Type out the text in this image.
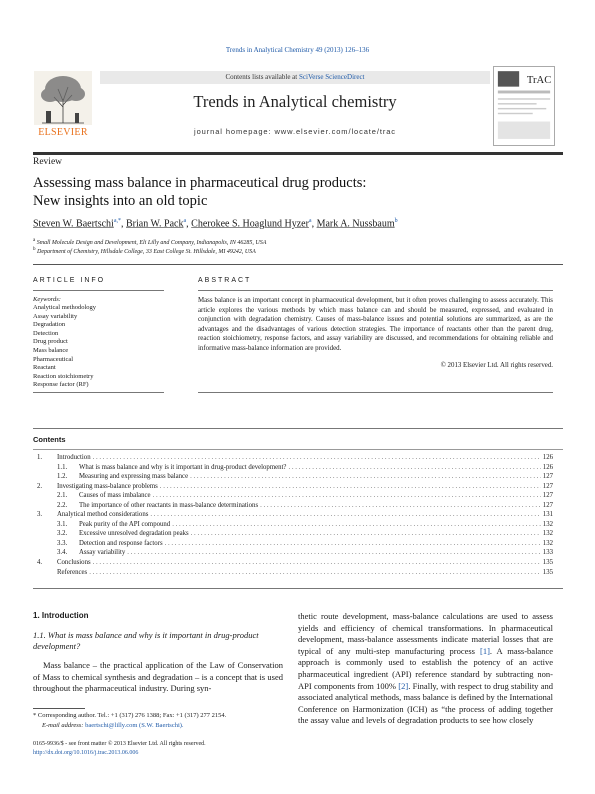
Trends in Analytical Chemistry 49 (2013) 126–136
ELSEVIER
Contents lists available at SciVerse ScienceDirect
Trends in Analytical chemistry
journal homepage: www.elsevier.com/locate/trac
TrAC
Review
Assessing mass balance in pharmaceutical drug products:
New insights into an old topic
Steven W. Baertschi$^{a,*}$, Brian W. Pack$^a$, Cherokee S. Hoaglund Hyzer$^a$, Mark A. Nussbaum$^b$
$^a$ Small Molecule Design and Development, Eli Lilly and Company, Indianapolis, IN 46285, USA
$^b$ Department of Chemistry, Hillsdale College, 33 East College St. Hillsdale, MI 49242, USA
ARTICLE INFO	ABSTRACT
Keywords:
Analytical methodology
Assay variability
Degradation
Detection
Drug product
Mass balance
Pharmaceutical
Reactant
Reaction stoichiometry
Response factor (RF)
Mass balance is an important concept in pharmaceutical development, but it often proves challenging to assess accurately. This article explores the various methods by which mass balance can and should be measured, expressed, and evaluated in conjunction with degradation chemistry. Causes of mass-balance issues and potential solutions are summarized, as are the advantages and the disadvantages of various detection strategies. The importance of reactants other than the parent drug, reaction stoichiometry, response factors, and assay variability are discussed, and recommendations for obtaining reliable and informative mass-balance information are provided.
© 2013 Elsevier Ltd. All rights reserved.
Contents
1.	Introduction . . .	126
1.1.	What is mass balance and why is it important in drug-product development? . . .	126
1.2.	Measuring and expressing mass balance . . .	127
2.	Investigating mass-balance problems . . .	127
2.1.	Causes of mass imbalance . . .	127
2.2.	The importance of other reactants in mass-balance determinations . . .	127
3.	Analytical method considerations . . .	131
3.1.	Peak purity of the API compound . . .	132
3.2.	Excessive unresolved degradation peaks . . .	132
3.3.	Detection and response factors . . .	132
3.4.	Assay variability . . .	133
4.	Conclusions . . .	135
References . . .	135
1. Introduction
1.1. What is mass balance and why is it important in drug-product development?
Mass balance – the practical application of the Law of Conservation of Mass to chemical synthesis and degradation – is a concept that is used throughout the pharmaceutical industry. During syn-
thetic route development, mass-balance calculations are used to assess yields and efficiency of chemical transformations. In pharmaceutical development, mass-balance assessments indicate material losses that are typical of any multi-step manufacturing process [1]. A mass-balance approach is commonly used to establish the potency of an active pharmaceutical ingredient (API) reference standard by subtracting non-API components from 100% [2]. Finally, with respect to drug stability and associated analytical methods, mass balance is defined by the International Conference on Harmonization (ICH) as “the process of adding together the assay value and levels of degradation products to see how closely
* Corresponding author. Tel.: +1 (317) 276 1388; Fax: +1 (317) 277 2154.
E-mail address: baertschi@lilly.com (S.W. Baertschi).
0165-9936/$ - see front matter © 2013 Elsevier Ltd. All rights reserved.
http://dx.doi.org/10.1016/j.trac.2013.06.006
